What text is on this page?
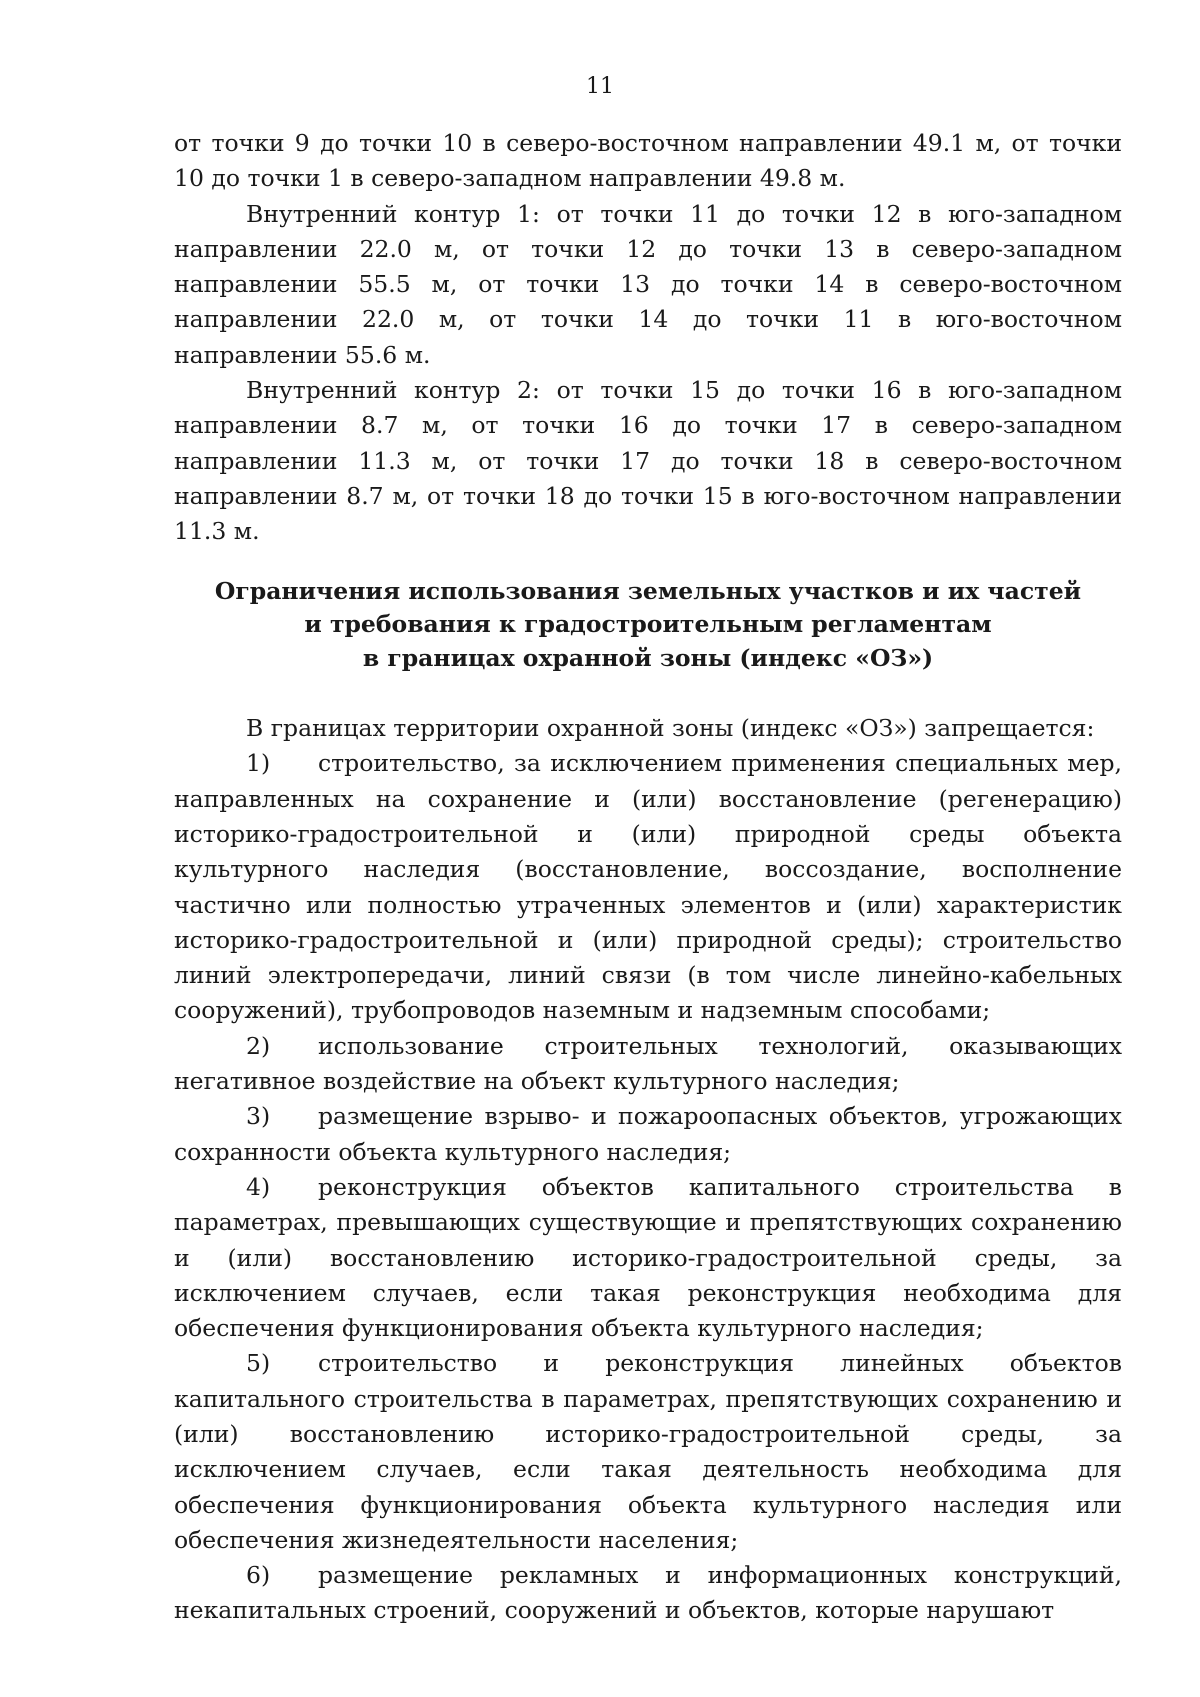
11

от точки 9 до точки 10 в северо-восточном направлении 49.1 м, от точки 10 до точки 1 в северо-западном направлении 49.8 м.

Внутренний контур 1: от точки 11 до точки 12 в юго-западном направлении 22.0 м, от точки 12 до точки 13 в северо-западном направлении 55.5 м, от точки 13 до точки 14 в северо-восточном направлении 22.0 м, от точки 14 до точки 11 в юго-восточном направлении 55.6 м.

Внутренний контур 2: от точки 15 до точки 16 в юго-западном направлении 8.7 м, от точки 16 до точки 17 в северо-западном направлении 11.3 м, от точки 17 до точки 18 в северо-восточном направлении 8.7 м, от точки 18 до точки 15 в юго-восточном направлении 11.3 м.

Ограничения использования земельных участков и их частей
и требования к градостроительным регламентам
в границах охранной зоны (индекс «ОЗ»)

В границах территории охранной зоны (индекс «ОЗ») запрещается:

1) строительство, за исключением применения специальных мер, направленных на сохранение и (или) восстановление (регенерацию) историко-градостроительной и (или) природной среды объекта культурного наследия (восстановление, воссоздание, восполнение частично или полностью утраченных элементов и (или) характеристик историко-градостроительной и (или) природной среды); строительство линий электропередачи, линий связи (в том числе линейно-кабельных сооружений), трубопроводов наземным и надземным способами;

2) использование строительных технологий, оказывающих негативное воздействие на объект культурного наследия;

3) размещение взрыво- и пожароопасных объектов, угрожающих сохранности объекта культурного наследия;

4) реконструкция объектов капитального строительства в параметрах, превышающих существующие и препятствующих сохранению и (или) восстановлению историко-градостроительной среды, за исключением случаев, если такая реконструкция необходима для обеспечения функционирования объекта культурного наследия;

5) строительство и реконструкция линейных объектов капитального строительства в параметрах, препятствующих сохранению и (или) восстановлению историко-градостроительной среды, за исключением случаев, если такая деятельность необходима для обеспечения функционирования объекта культурного наследия или обеспечения жизнедеятельности населения;

6) размещение рекламных и информационных конструкций, некапитальных строений, сооружений и объектов, которые нарушают
